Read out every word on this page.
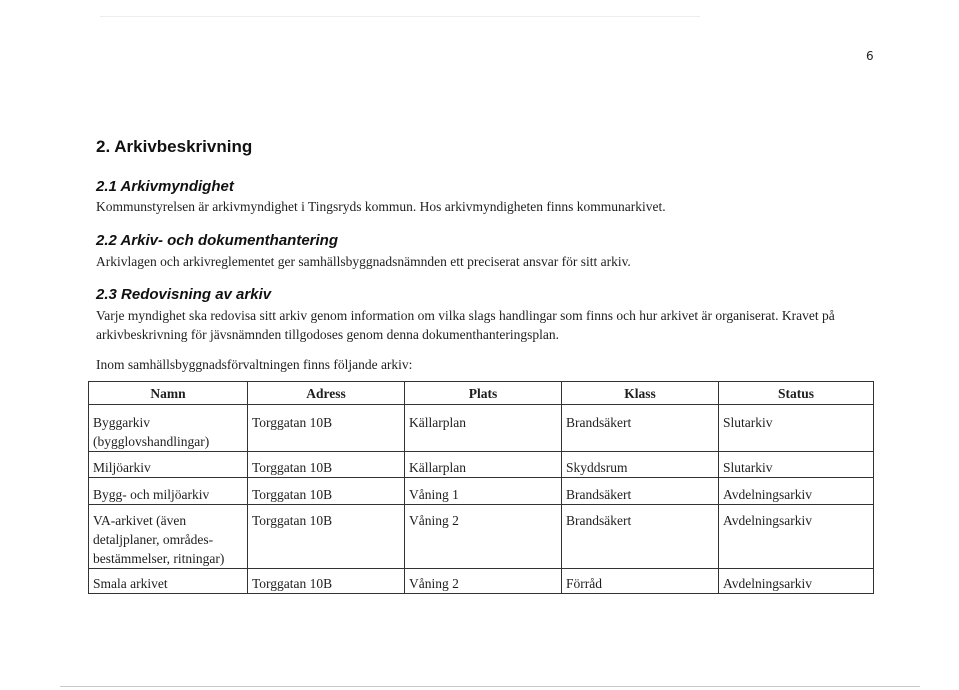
6
2. Arkivbeskrivning
2.1 Arkivmyndighet
Kommunstyrelsen är arkivmyndighet i Tingsryds kommun. Hos arkivmyndigheten finns kommunarkivet.
2.2 Arkiv- och dokumenthantering
Arkivlagen och arkivreglementet ger samhällsbyggnadsnämnden ett preciserat ansvar för sitt arkiv.
2.3 Redovisning av arkiv
Varje myndighet ska redovisa sitt arkiv genom information om vilka slags handlingar som finns och hur arkivet är organiserat. Kravet på
arkivbeskrivning för jävsnämnden tillgodoses genom denna dokumenthanteringsplan.
Inom samhällsbyggnadsförvaltningen finns följande arkiv:
Namn	Adress	Plats	Klass	Status

Byggarkiv
(bygglovshandlingar)	Torggatan 10B	Källarplan	Brandsäkert	Slutarkiv

Miljöarkiv	Torggatan 10B	Källarplan	Skyddsrum	Slutarkiv

Bygg- och miljöarkiv	Torggatan 10B	Våning 1	Brandsäkert	Avdelningsarkiv

VA-arkivet (även
detaljplaner, områdes-
bestämmelser, ritningar)	Torggatan 10B	Våning 2	Brandsäkert	Avdelningsarkiv

Smala arkivet	Torggatan 10B	Våning 2	Förråd	Avdelningsarkiv
